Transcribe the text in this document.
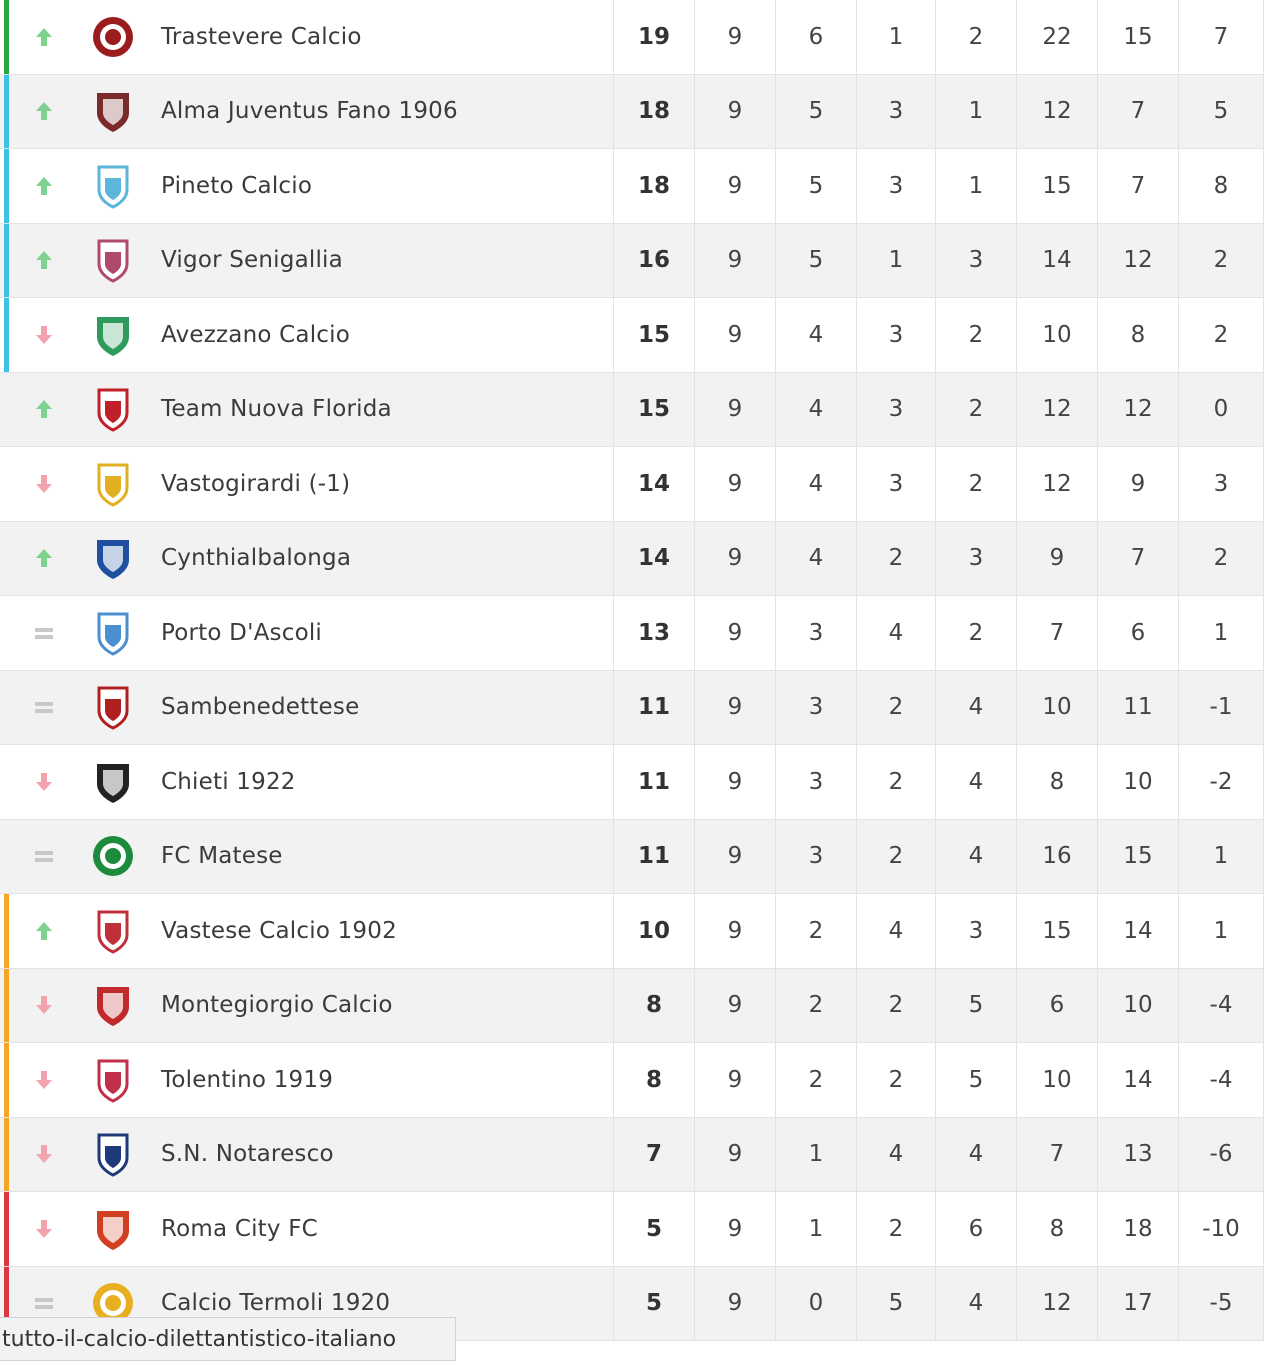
Trastevere Calcio	19	9	6	1	2	22	15	7
Alma Juventus Fano 1906	18	9	5	3	1	12	7	5
Pineto Calcio	18	9	5	3	1	15	7	8
Vigor Senigallia	16	9	5	1	3	14	12	2
Avezzano Calcio	15	9	4	3	2	10	8	2
Team Nuova Florida	15	9	4	3	2	12	12	0
Vastogirardi (-1)	14	9	4	3	2	12	9	3
Cynthialbalonga	14	9	4	2	3	9	7	2
Porto D'Ascoli	13	9	3	4	2	7	6	1
Sambenedettese	11	9	3	2	4	10	11	-1
Chieti 1922	11	9	3	2	4	8	10	-2
FC Matese	11	9	3	2	4	16	15	1
Vastese Calcio 1902	10	9	2	4	3	15	14	1
Montegiorgio Calcio	8	9	2	2	5	6	10	-4
Tolentino 1919	8	9	2	2	5	10	14	-4
S.N. Notaresco	7	9	1	4	4	7	13	-6
Roma City FC	5	9	1	2	6	8	18	-10
Calcio Termoli 1920	5	9	0	5	4	12	17	-5
tutto-il-calcio-dilettantistico-italiano
